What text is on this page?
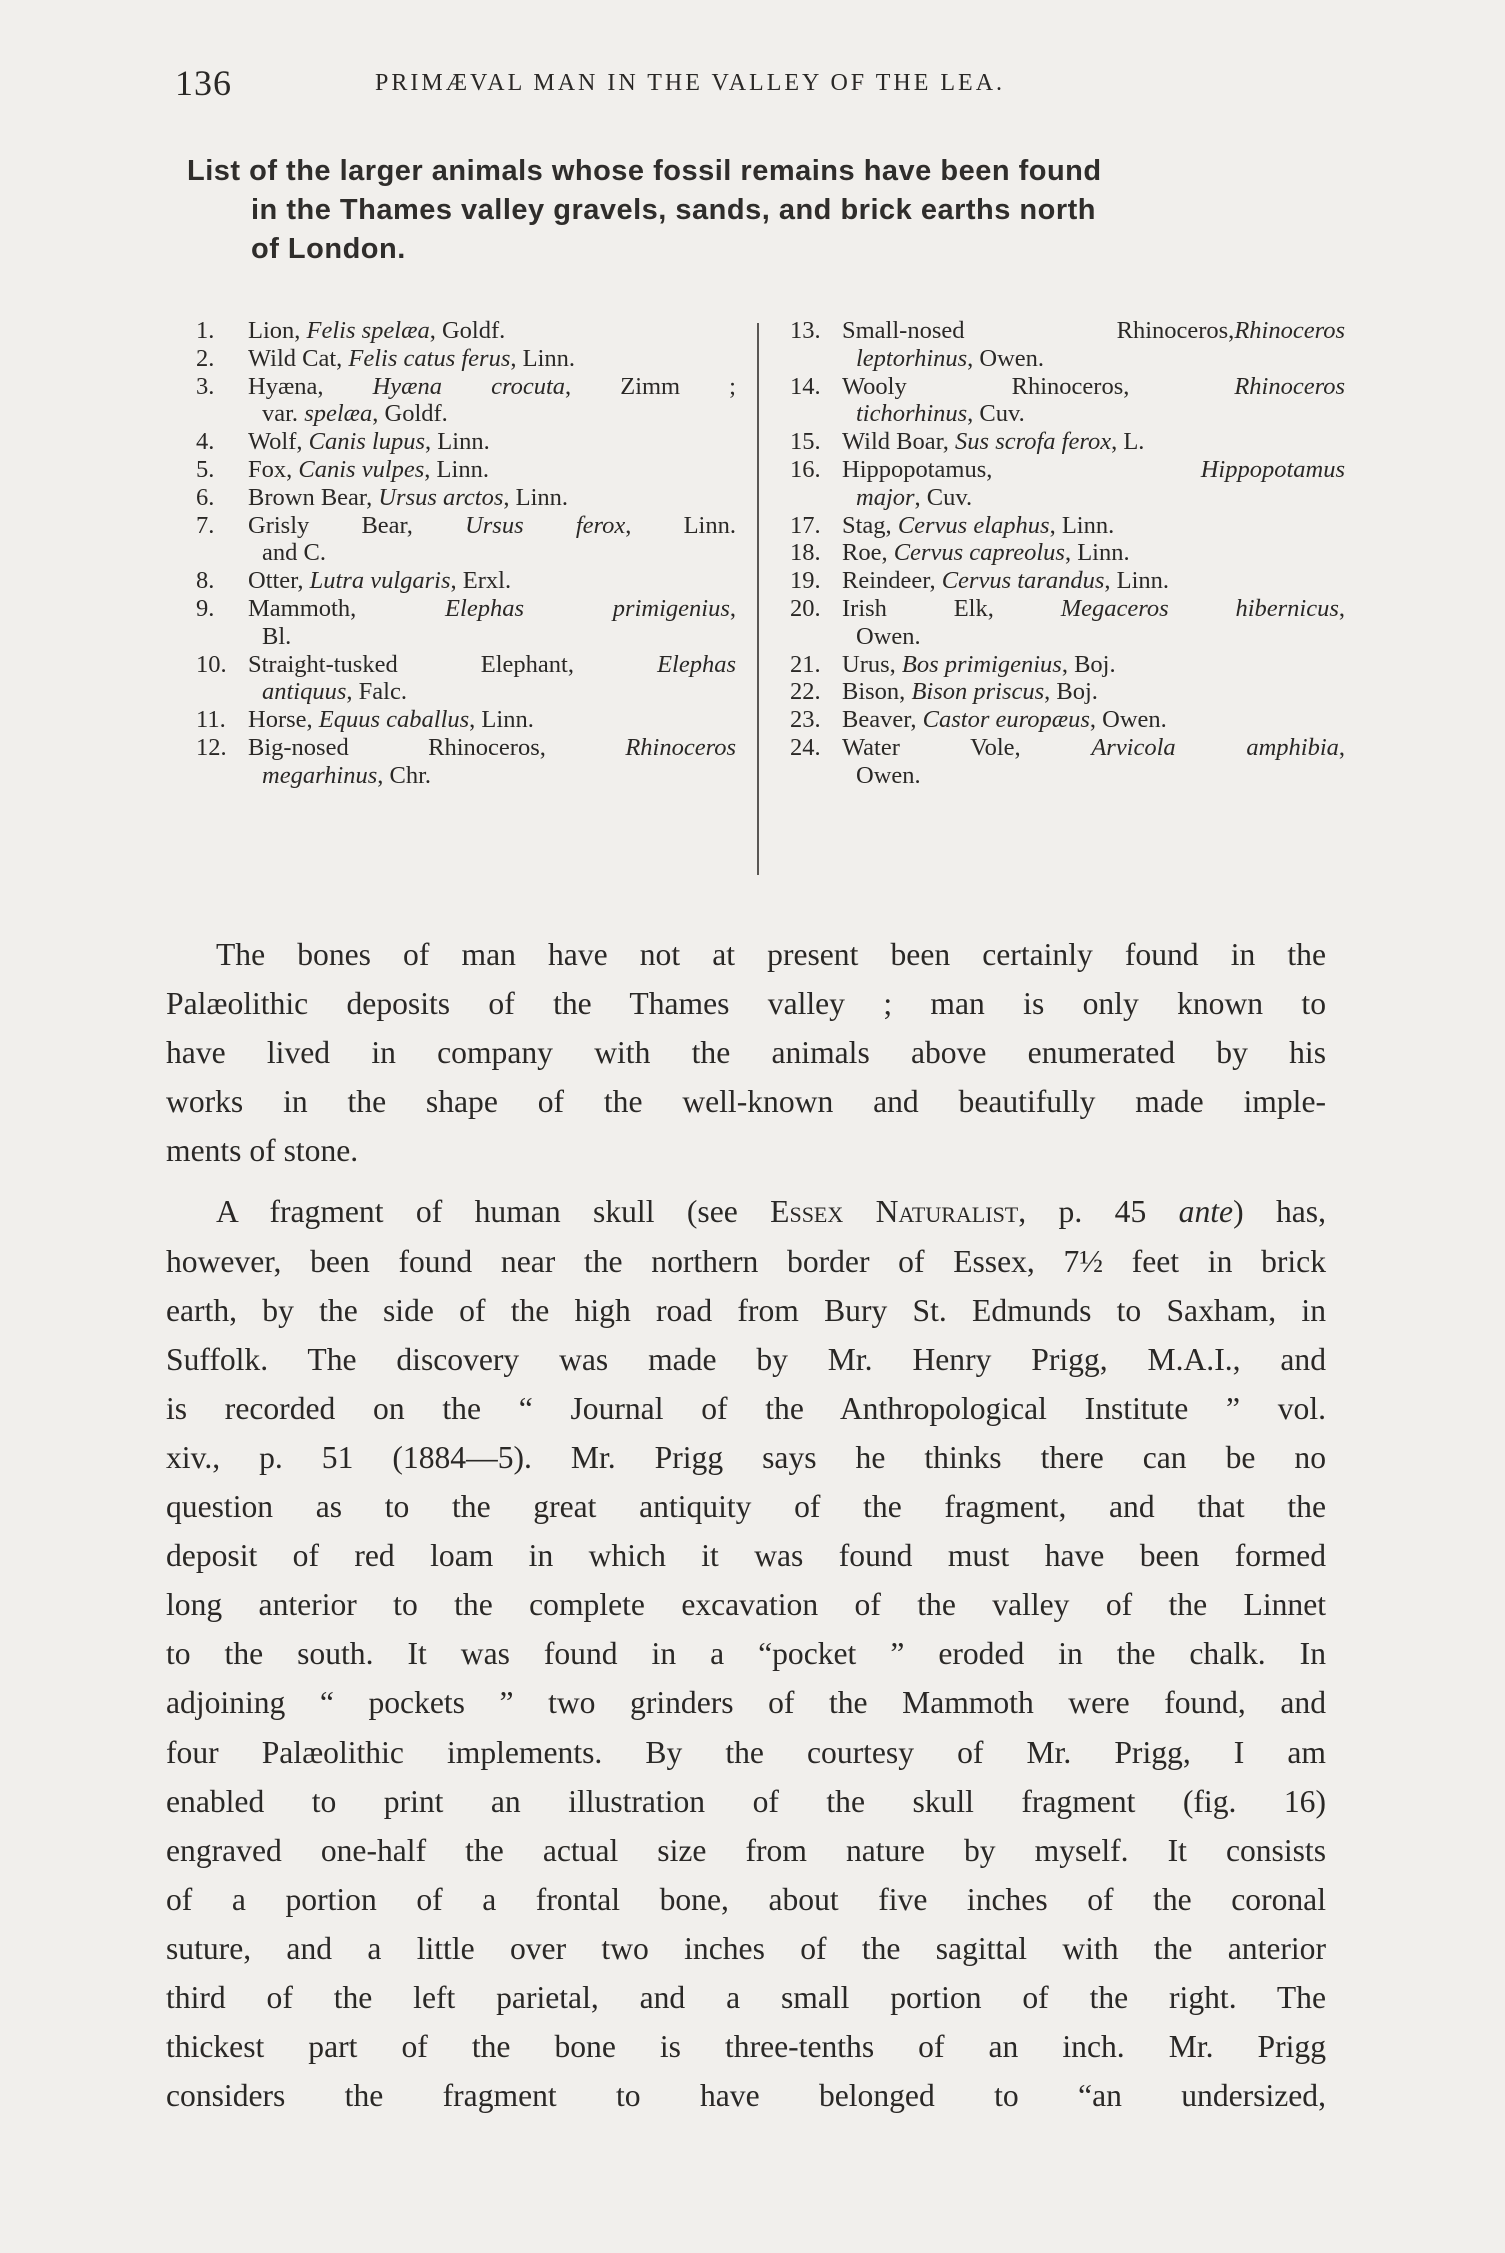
136	PRIMÆVAL MAN IN THE VALLEY OF THE LEA.
List of the larger animals whose fossil remains have been found
in the Thames valley gravels, sands, and brick earths north
of London.
1. Lion, Felis spelæa, Goldf.
2. Wild Cat, Felis catus ferus, Linn.
3. Hyæna, Hyæna crocuta, Zimm ;
var. spelæa, Goldf.
4. Wolf, Canis lupus, Linn.
5. Fox, Canis vulpes, Linn.
6. Brown Bear, Ursus arctos, Linn.
7. Grisly Bear, Ursus ferox, Linn.
and C.
8. Otter, Lutra vulgaris, Erxl.
9. Mammoth, Elephas primigenius,
Bl.
10. Straight-tusked Elephant, Elephas
antiquus, Falc.
11. Horse, Equus caballus, Linn.
12. Big-nosed Rhinoceros, Rhinoceros
megarhinus, Chr.
13. Small-nosed Rhinoceros,Rhinoceros
leptorhinus, Owen.
14. Wooly Rhinoceros, Rhinoceros
tichorhinus, Cuv.
15. Wild Boar, Sus scrofa ferox, L.
16. Hippopotamus, Hippopotamus
major, Cuv.
17. Stag, Cervus elaphus, Linn.
18. Roe, Cervus capreolus, Linn.
19. Reindeer, Cervus tarandus, Linn.
20. Irish Elk, Megaceros hibernicus,
Owen.
21. Urus, Bos primigenius, Boj.
22. Bison, Bison priscus, Boj.
23. Beaver, Castor europæus, Owen.
24. Water Vole, Arvicola amphibia,
Owen.

The bones of man have not at present been certainly found in the
Palæolithic deposits of the Thames valley ; man is only known to
have lived in company with the animals above enumerated by his
works in the shape of the well-known and beautifully made imple-
ments of stone.

A fragment of human skull (see Essex Naturalist, p. 45 ante) has,
however, been found near the northern border of Essex, 7½ feet in brick
earth, by the side of the high road from Bury St. Edmunds to Saxham, in
Suffolk. The discovery was made by Mr. Henry Prigg, M.A.I., and
is recorded on the “ Journal of the Anthropological Institute ” vol.
xiv., p. 51 (1884—5). Mr. Prigg says he thinks there can be no
question as to the great antiquity of the fragment, and that the
deposit of red loam in which it was found must have been formed
long anterior to the complete excavation of the valley of the Linnet
to the south. It was found in a “pocket ” eroded in the chalk. In
adjoining “ pockets ” two grinders of the Mammoth were found, and
four Palæolithic implements. By the courtesy of Mr. Prigg, I am
enabled to print an illustration of the skull fragment (fig. 16)
engraved one-half the actual size from nature by myself. It consists
of a portion of a frontal bone, about five inches of the coronal
suture, and a little over two inches of the sagittal with the anterior
third of the left parietal, and a small portion of the right. The
thickest part of the bone is three-tenths of an inch. Mr. Prigg
considers the fragment to have belonged to “an undersized,
